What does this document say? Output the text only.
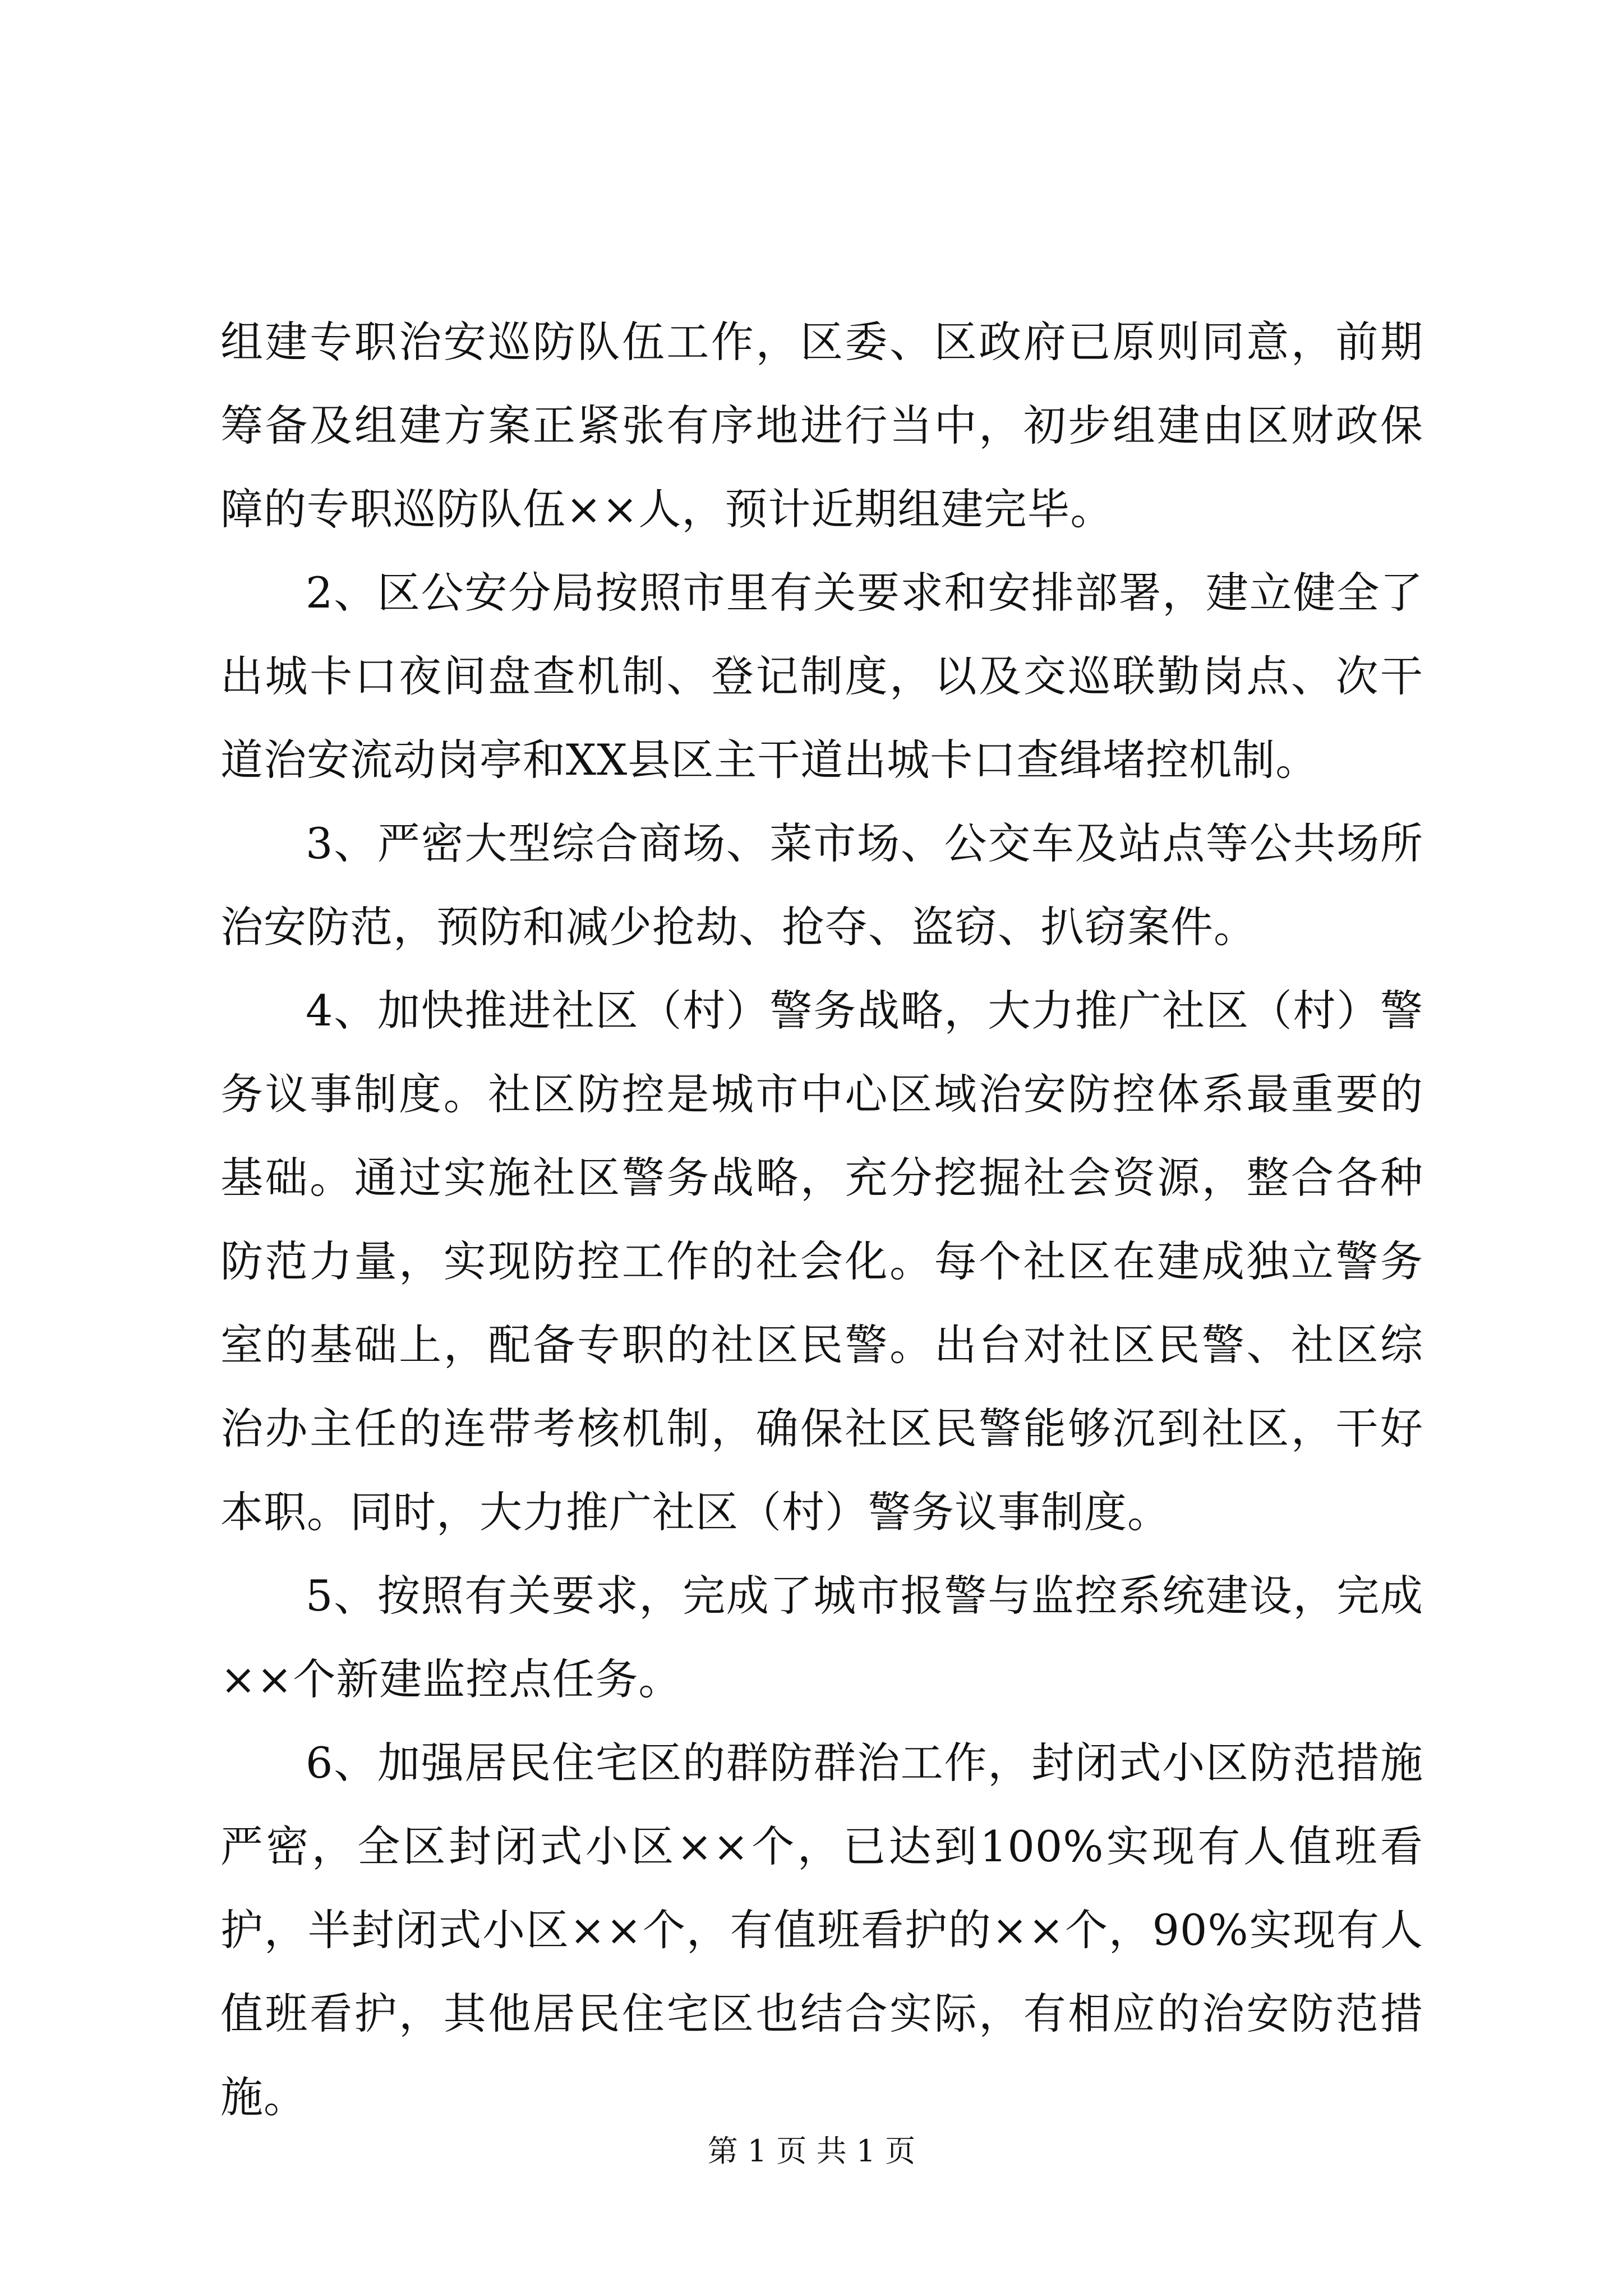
组建专职治安巡防队伍工作，区委、区政府已原则同意，前期筹备及组建方案正紧张有序地进行当中，初步组建由区财政保障的专职巡防队伍××人，预计近期组建完毕。

2、区公安分局按照市里有关要求和安排部署，建立健全了出城卡口夜间盘查机制、登记制度，以及交巡联勤岗点、次干道治安流动岗亭和XX县区主干道出城卡口查缉堵控机制。

3、严密大型综合商场、菜市场、公交车及站点等公共场所治安防范，预防和减少抢劫、抢夺、盗窃、扒窃案件。

4、加快推进社区（村）警务战略，大力推广社区（村）警务议事制度。社区防控是城市中心区域治安防控体系最重要的基础。通过实施社区警务战略，充分挖掘社会资源，整合各种防范力量，实现防控工作的社会化。每个社区在建成独立警务室的基础上，配备专职的社区民警。出台对社区民警、社区综治办主任的连带考核机制，确保社区民警能够沉到社区，干好本职。同时，大力推广社区（村）警务议事制度。

5、按照有关要求，完成了城市报警与监控系统建设，完成××个新建监控点任务。

6、加强居民住宅区的群防群治工作，封闭式小区防范措施严密，全区封闭式小区××个，已达到100%实现有人值班看护，半封闭式小区××个，有值班看护的××个，90%实现有人值班看护，其他居民住宅区也结合实际，有相应的治安防范措施。

第 1 页 共 1 页
